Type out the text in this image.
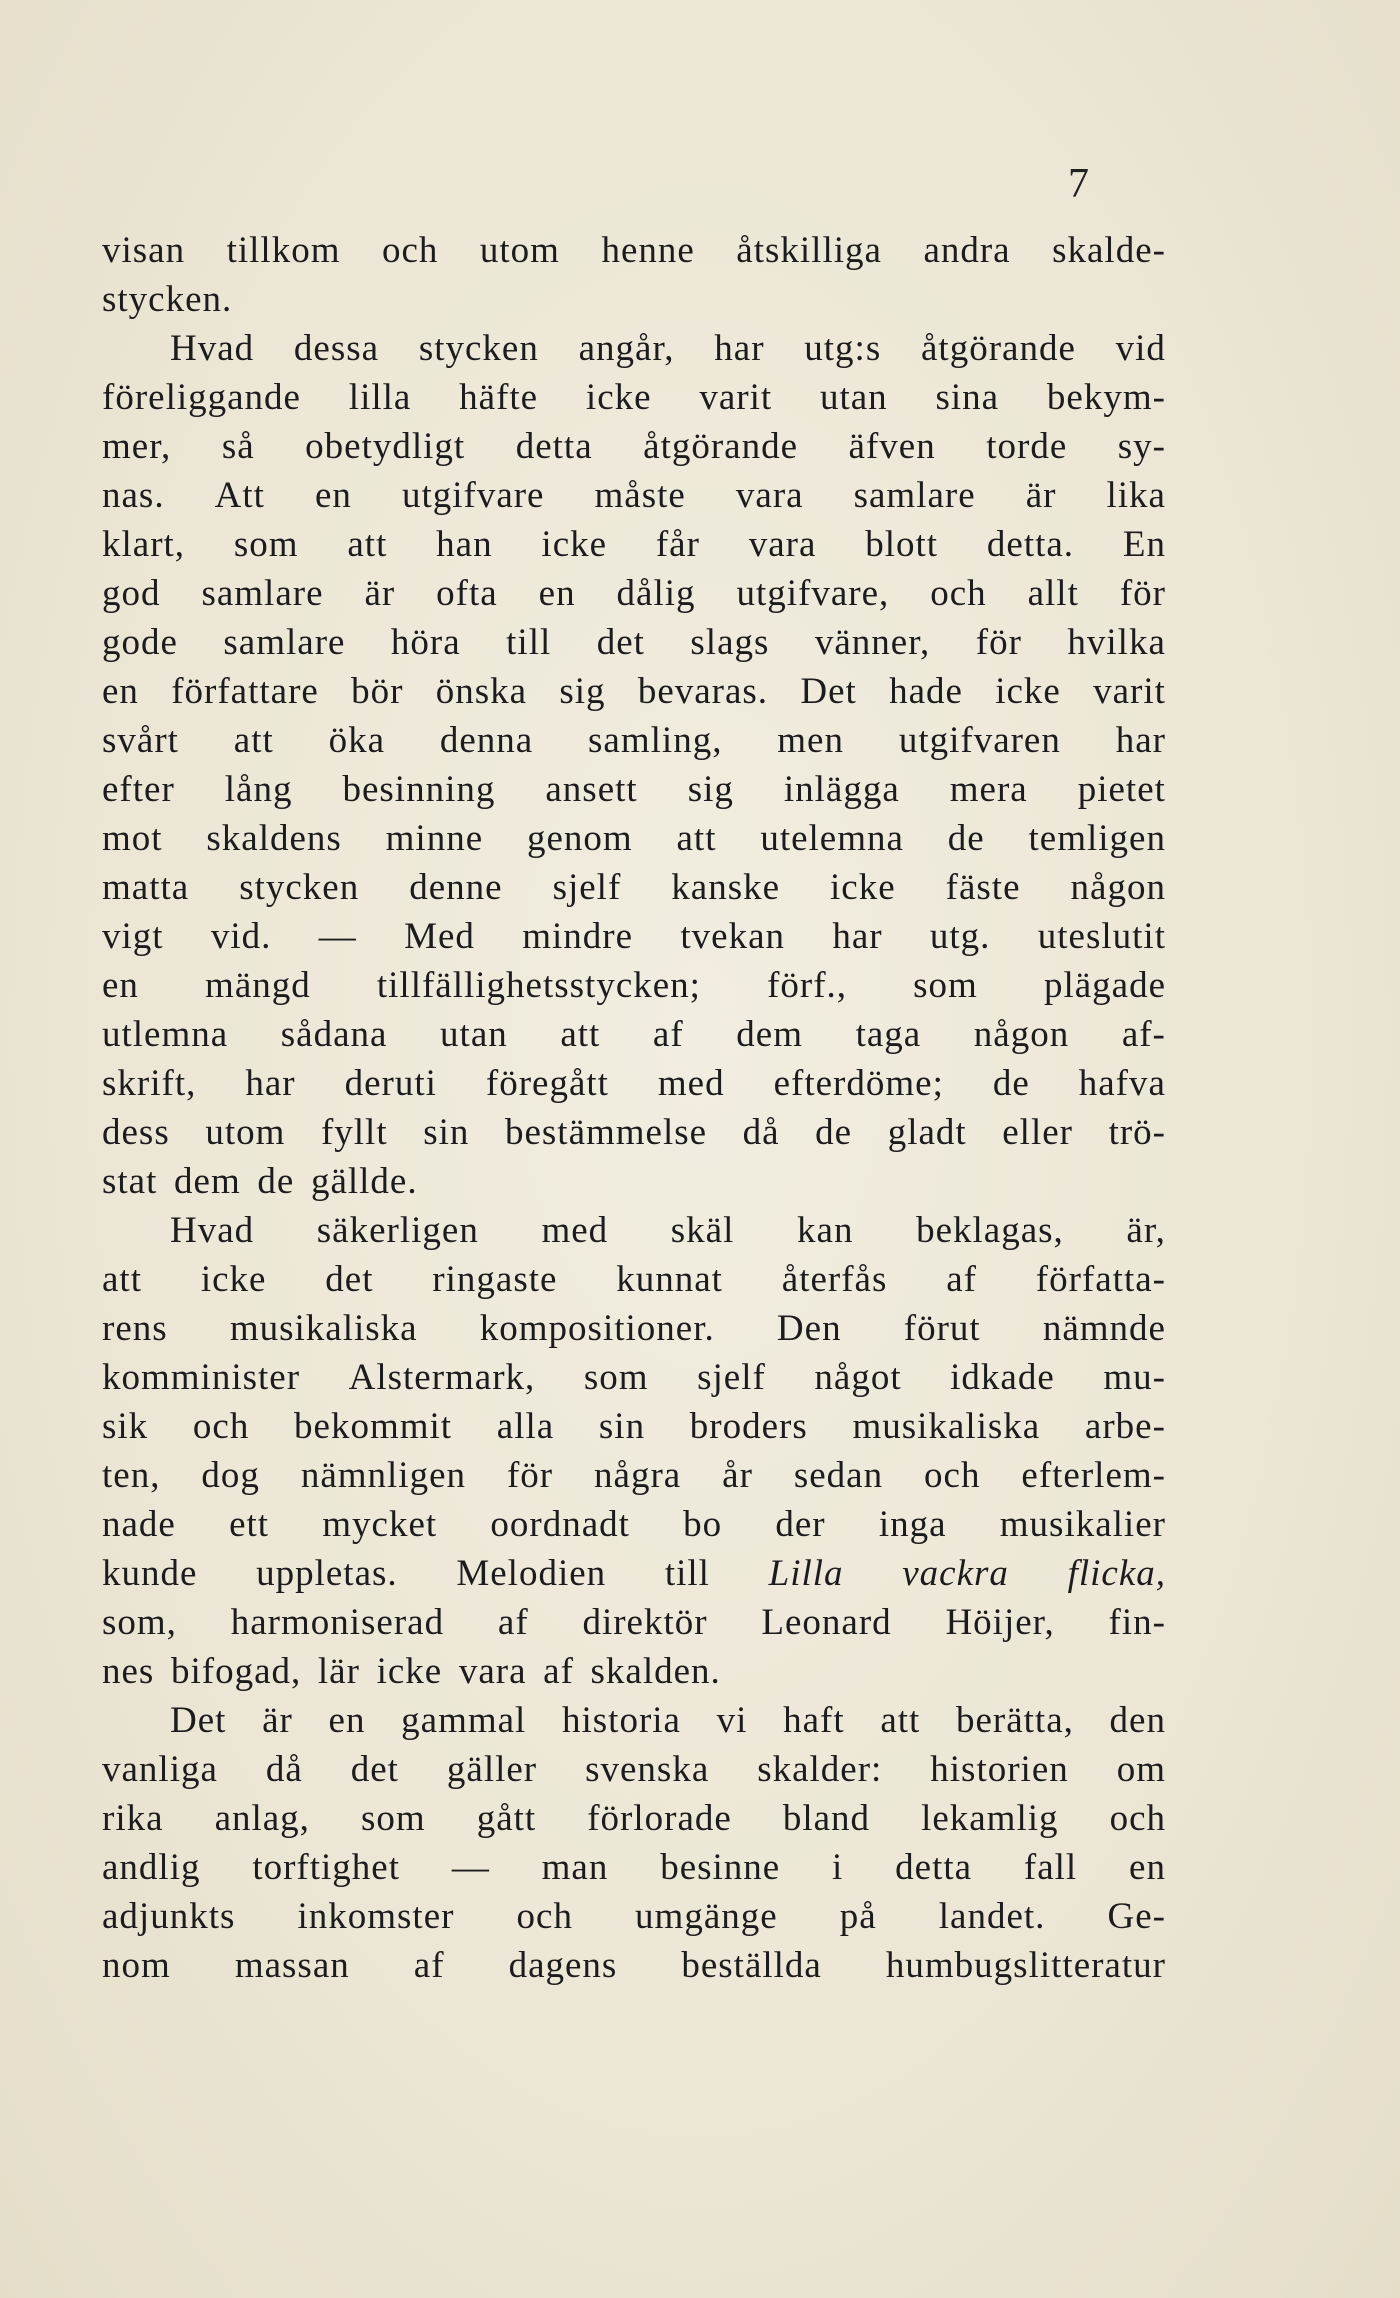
7
visan tillkom och utom henne åtskilliga andra skalde-
stycken.
Hvad dessa stycken angår, har utg:s åtgörande vid
föreliggande lilla häfte icke varit utan sina bekym-
mer, så obetydligt detta åtgörande äfven torde sy-
nas. Att en utgifvare måste vara samlare är lika
klart, som att han icke får vara blott detta. En
god samlare är ofta en dålig utgifvare, och allt för
gode samlare höra till det slags vänner, för hvilka
en författare bör önska sig bevaras. Det hade icke varit
svårt att öka denna samling, men utgifvaren har
efter lång besinning ansett sig inlägga mera pietet
mot skaldens minne genom att utelemna de temligen
matta stycken denne sjelf kanske icke fäste någon
vigt vid. — Med mindre tvekan har utg. uteslutit
en mängd tillfällighetsstycken; förf., som plägade
utlemna sådana utan att af dem taga någon af-
skrift, har deruti föregått med efterdöme; de hafva
dess utom fyllt sin bestämmelse då de gladt eller trö-
stat dem de gällde.
Hvad säkerligen med skäl kan beklagas, är,
att icke det ringaste kunnat återfås af författa-
rens musikaliska kompositioner. Den förut nämnde
komminister Alstermark, som sjelf något idkade mu-
sik och bekommit alla sin broders musikaliska arbe-
ten, dog nämnligen för några år sedan och efterlem-
nade ett mycket oordnadt bo der inga musikalier
kunde uppletas. Melodien till Lilla vackra flicka,
som, harmoniserad af direktör Leonard Höijer, fin-
nes bifogad, lär icke vara af skalden.
Det är en gammal historia vi haft att berätta, den
vanliga då det gäller svenska skalder: historien om
rika anlag, som gått förlorade bland lekamlig och
andlig torftighet — man besinne i detta fall en
adjunkts inkomster och umgänge på landet. Ge-
nom massan af dagens beställda humbugslitteratur
